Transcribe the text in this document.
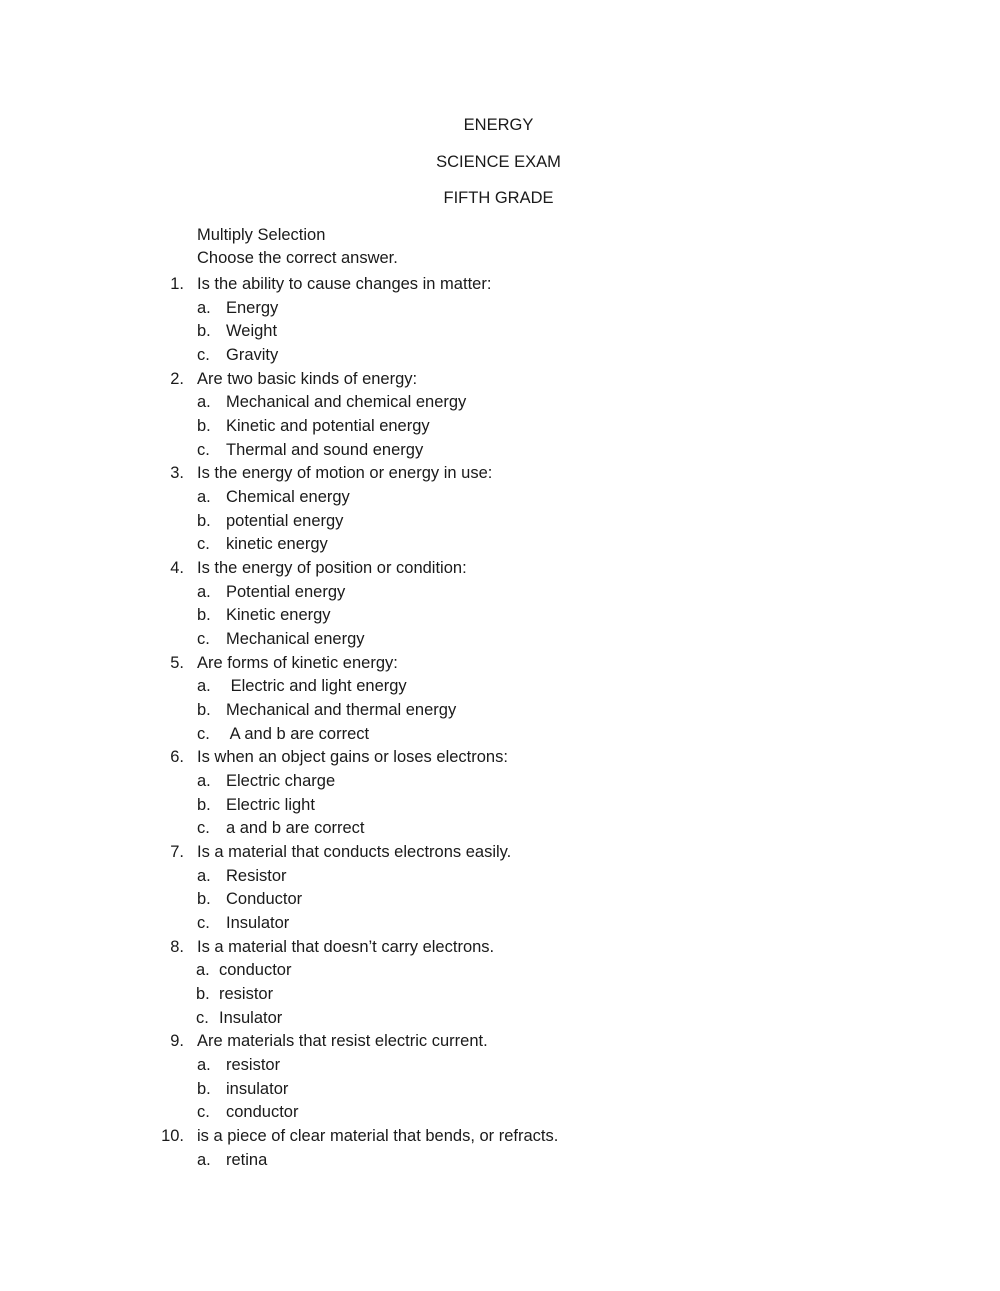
ENERGY
SCIENCE EXAM
FIFTH GRADE
Multiply Selection
Choose the correct answer.
1. Is the ability to cause changes in matter:
a. Energy
b. Weight
c. Gravity
2. Are two basic kinds of energy:
a. Mechanical and chemical energy
b. Kinetic and potential energy
c. Thermal and sound energy
3. Is the energy of motion or energy in use:
a. Chemical energy
b. potential energy
c. kinetic energy
4. Is the energy of position or condition:
a. Potential energy
b. Kinetic energy
c. Mechanical energy
5. Are forms of kinetic energy:
a. Electric and light energy
b. Mechanical and thermal energy
c. A and b are correct
6. Is when an object gains or loses electrons:
a. Electric charge
b. Electric light
c. a and b are correct
7. Is a material that conducts electrons easily.
a. Resistor
b. Conductor
c. Insulator
8. Is a material that doesn’t carry electrons.
a. conductor
b. resistor
c. Insulator
9. Are materials that resist electric current.
a. resistor
b. insulator
c. conductor
10. is a piece of clear material that bends, or refracts.
a. retina
